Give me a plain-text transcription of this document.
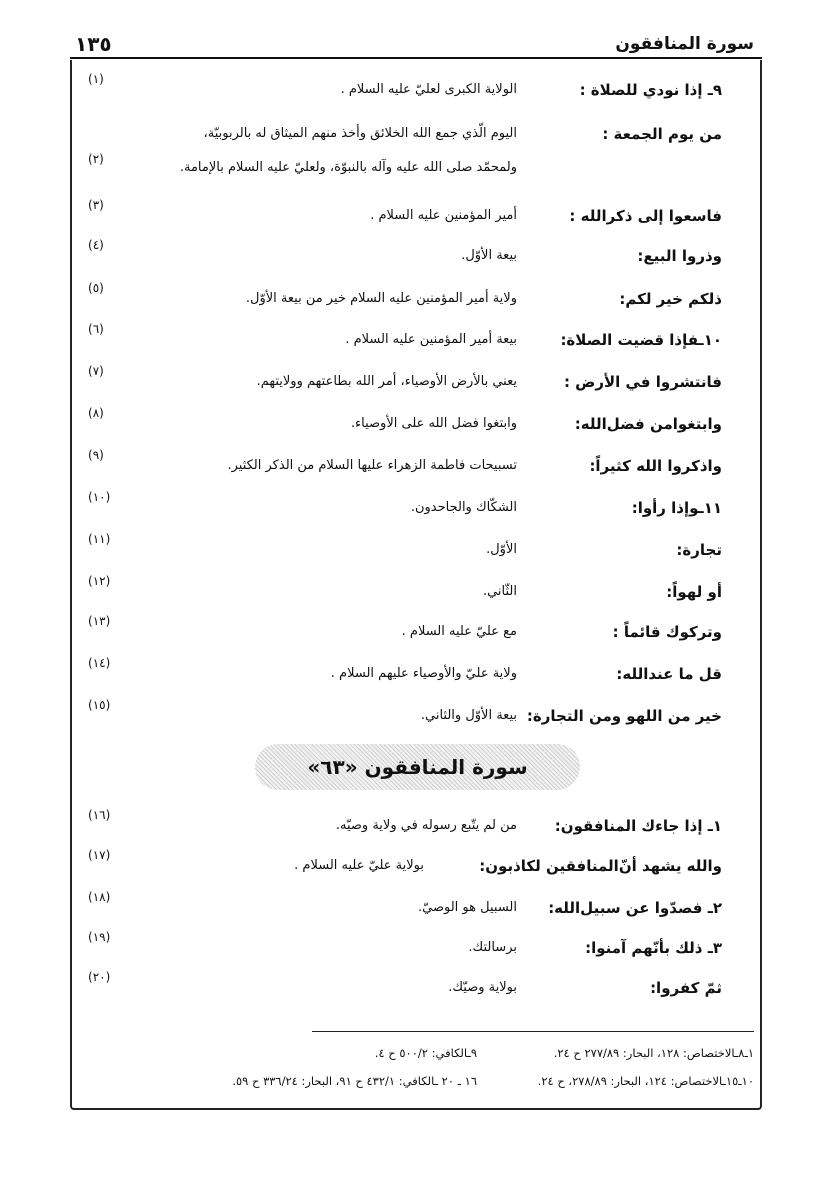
سورة المنافقون
١٣٥
٩ـ إذا نودي للصلاة :
الولاية الكبرى لعليّ عليه السلام .
(١)
من يوم الجمعة :
اليوم الّذي جمع الله الخلائق وأخذ منهم الميثاق له بالربوبيّة،
ولمحمّد صلى الله عليه وآله بالنبوّة، ولعليّ عليه السلام بالإمامة.
(٢)
فاسعوا إلى ذكرالله :
أمير المؤمنين عليه السلام .
(٣)
وذروا البيع:
بيعة الأوّل.
(٤)
ذلكم خير لكم:
ولاية أمير المؤمنين عليه السلام خير من بيعة الأوّل.
(٥)
١٠ـفإذا قضيت الصلاة:
بيعة أمير المؤمنين عليه السلام .
(٦)
فانتشروا في الأرض :
يعني بالأرض الأوصياء، أمر الله بطاعتهم وولايتهم.
(٧)
وابتغوامن فضل‌الله:
وابتغوا فضل الله على الأوصياء.
(٨)
واذكروا الله كثيراً:
تسبيحات فاطمة الزهراء عليها السلام من الذكر الكثير.
(٩)
١١ـوإذا رأوا:
الشكّاك والجاحدون.
(١٠)
تجارة:
الأوّل.
(١١)
أو لهواً:
الثّاني.
(١٢)
وتركوك قائماً :
مع عليّ عليه السلام .
(١٣)
قل ما عندالله:
ولاية عليّ والأوصياء عليهم السلام .
(١٤)
خير من اللهو ومن التجارة:
بيعة الأوّل والثاني.
(١٥)
سورة المنافقون «٦٣»
١ـ إذا جاءك المنافقون:
من لم يتّبع رسوله في ولاية وصيّه.
(١٦)
والله يشهد أنّ‌المنافقين لكاذبون:
بولاية عليّ عليه السلام .
(١٧)
٢ـ فصدّوا عن سبيل‌الله:
السبيل هو الوصيّ.
(١٨)
٣ـ ذلك بأنّهم آمنوا:
برسالتك.
(١٩)
ثمّ كفروا:
بولاية وصيّك.
(٢٠)
١ـ٨ـالاختصاص: ١٢٨، البحار: ٢٧٧/٨٩ ح ٢٤.
٩ـالكافي: ٥٠٠/٢ ح ٤.
١٠ـ١٥ـالاختصاص: ١٢٤، البحار: ٢٧٨/٨٩، ح ٢٤.
١٦ ـ ٢٠ ـالكافي: ٤٣٢/١ ح ٩١، البحار: ٣٣٦/٢٤ ح ٥٩.
